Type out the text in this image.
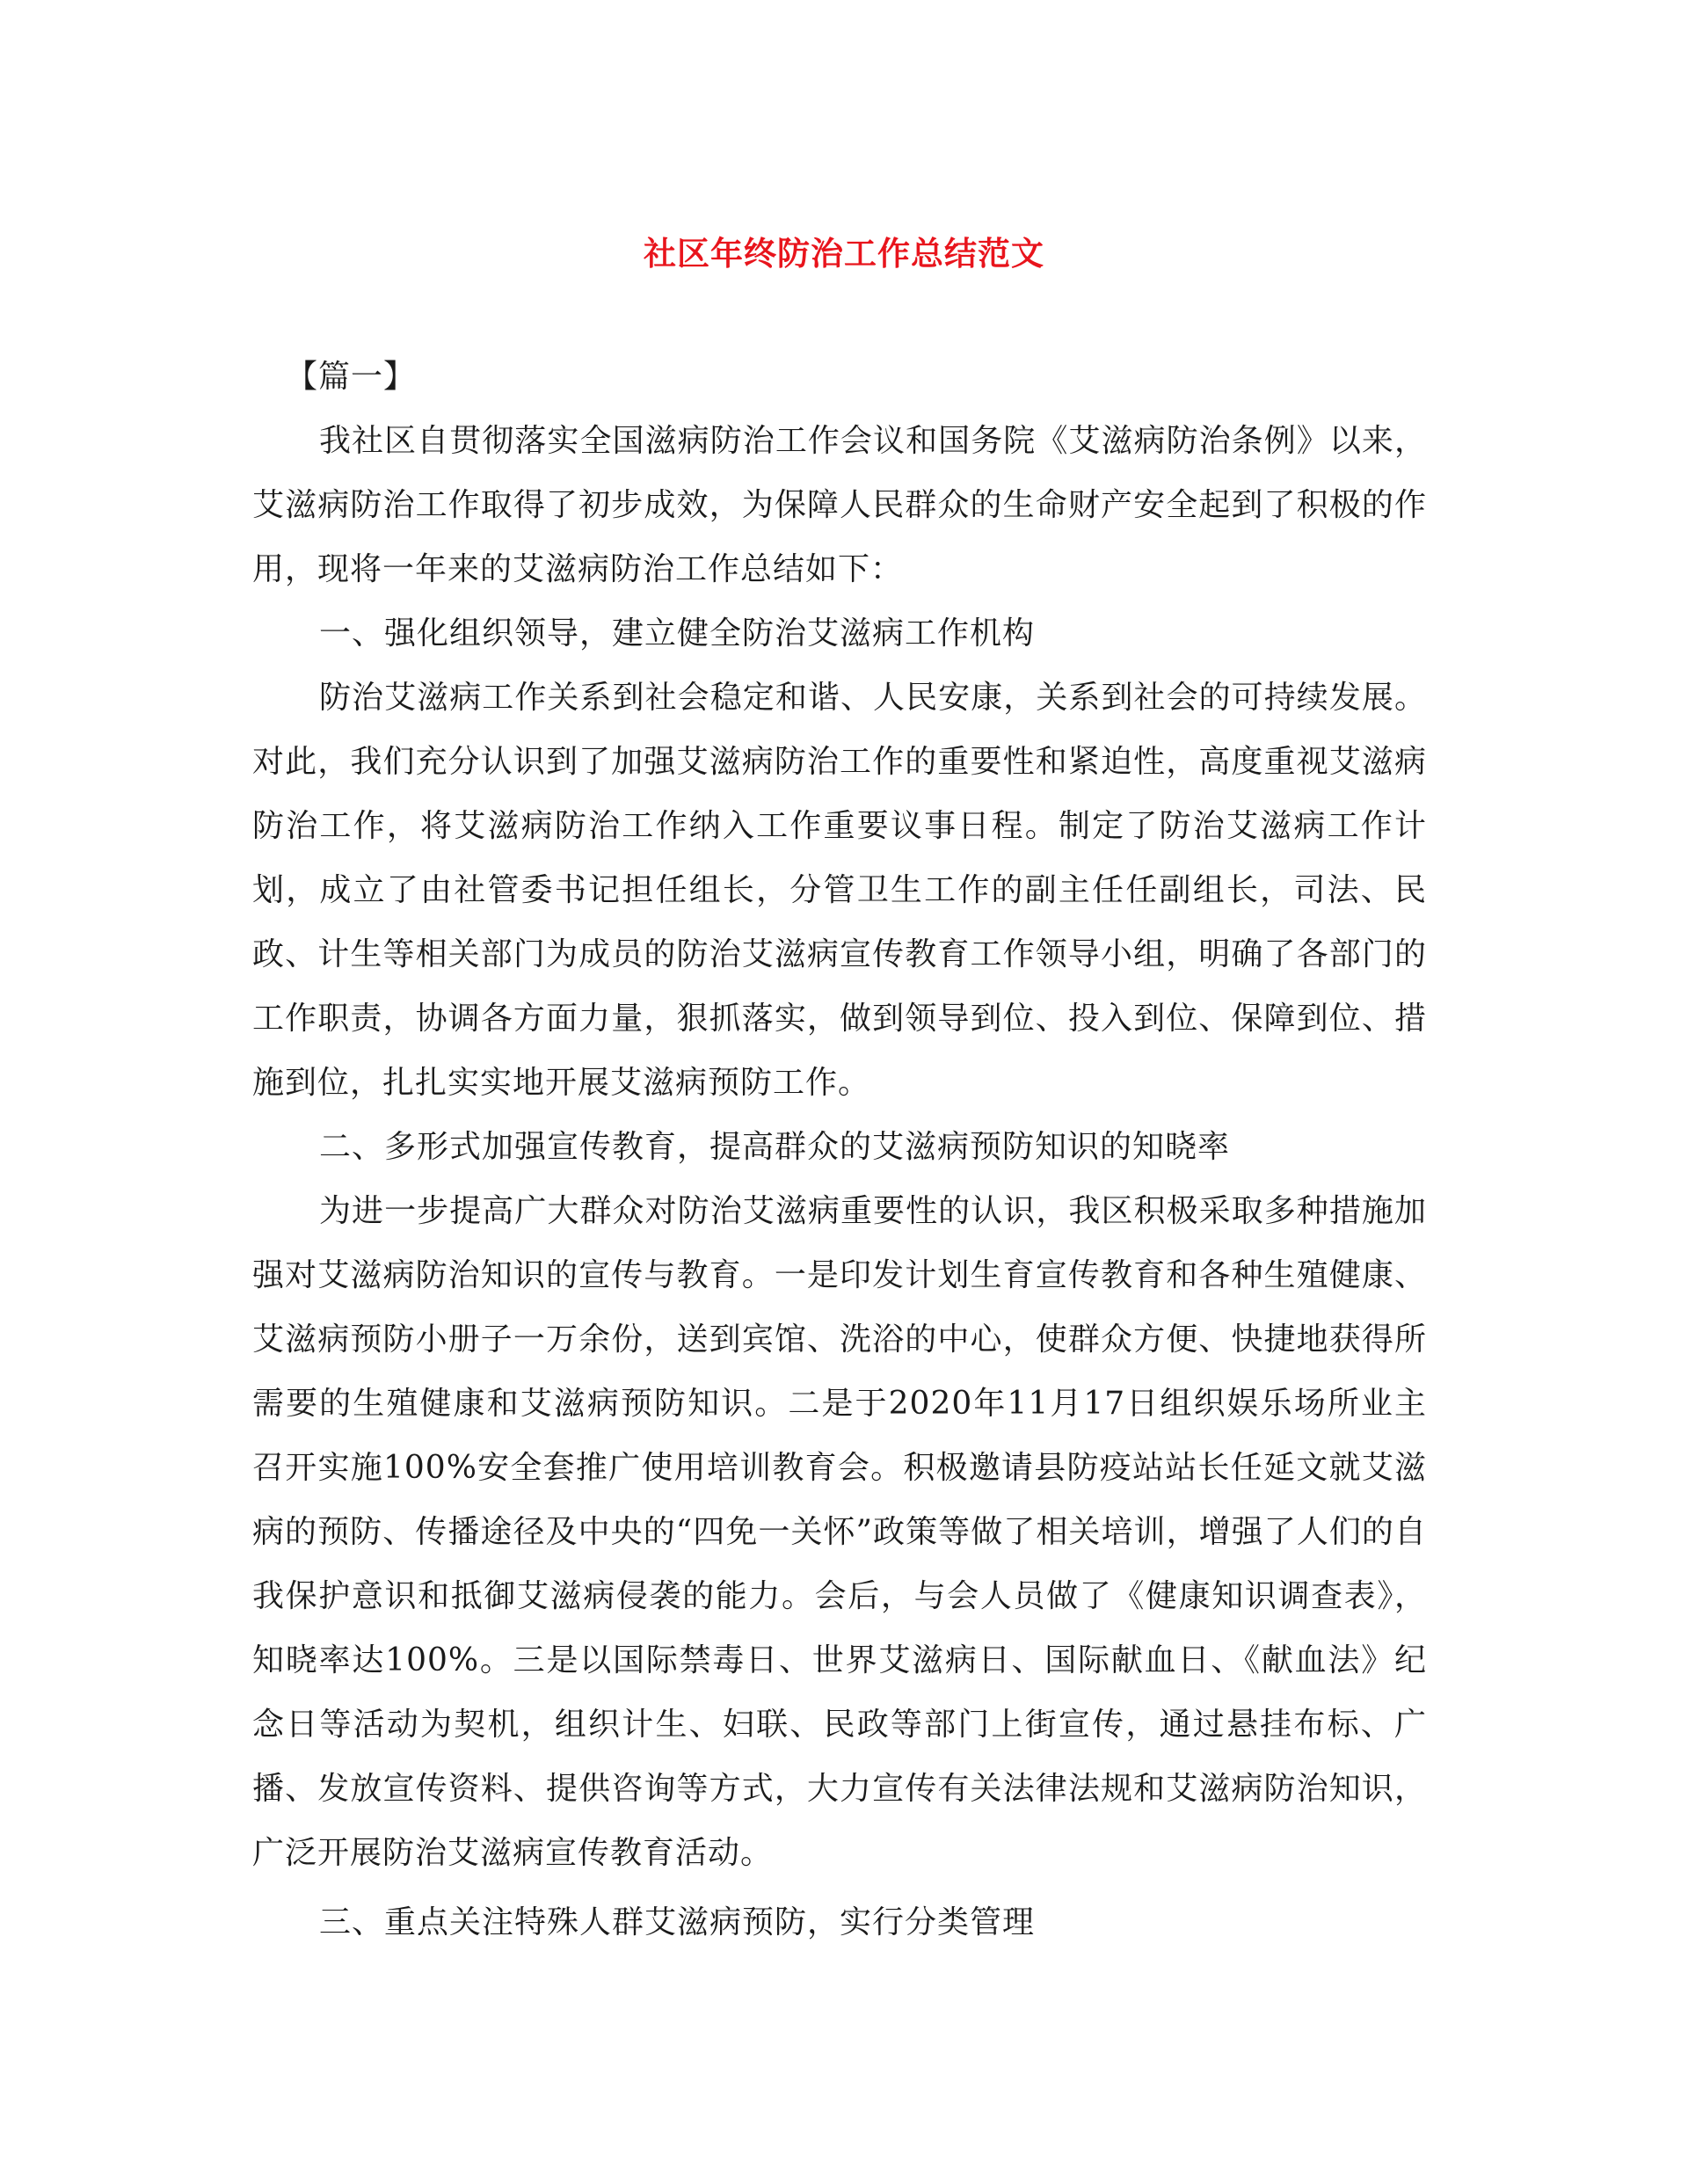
社区年终防治工作总结范文

【篇一】

我社区自贯彻落实全国滋病防治工作会议和国务院《艾滋病防治条例》以来，艾滋病防治工作取得了初步成效，为保障人民群众的生命财产安全起到了积极的作用，现将一年来的艾滋病防治工作总结如下：

一、强化组织领导，建立健全防治艾滋病工作机构

防治艾滋病工作关系到社会稳定和谐、人民安康，关系到社会的可持续发展。对此，我们充分认识到了加强艾滋病防治工作的重要性和紧迫性，高度重视艾滋病防治工作，将艾滋病防治工作纳入工作重要议事日程。制定了防治艾滋病工作计划，成立了由社管委书记担任组长，分管卫生工作的副主任任副组长，司法、民政、计生等相关部门为成员的防治艾滋病宣传教育工作领导小组，明确了各部门的工作职责，协调各方面力量，狠抓落实，做到领导到位、投入到位、保障到位、措施到位，扎扎实实地开展艾滋病预防工作。

二、多形式加强宣传教育，提高群众的艾滋病预防知识的知晓率

为进一步提高广大群众对防治艾滋病重要性的认识，我区积极采取多种措施加强对艾滋病防治知识的宣传与教育。一是印发计划生育宣传教育和各种生殖健康、艾滋病预防小册子一万余份，送到宾馆、洗浴的中心，使群众方便、快捷地获得所需要的生殖健康和艾滋病预防知识。二是于2020年11月17日组织娱乐场所业主召开实施100%安全套推广使用培训教育会。积极邀请县防疫站站长任延文就艾滋病的预防、传播途径及中央的“四免一关怀”政策等做了相关培训，增强了人们的自我保护意识和抵御艾滋病侵袭的能力。会后，与会人员做了《健康知识调查表》，知晓率达100%。三是以国际禁毒日、世界艾滋病日、国际献血日、《献血法》纪念日等活动为契机，组织计生、妇联、民政等部门上街宣传，通过悬挂布标、广播、发放宣传资料、提供咨询等方式，大力宣传有关法律法规和艾滋病防治知识，广泛开展防治艾滋病宣传教育活动。

三、重点关注特殊人群艾滋病预防，实行分类管理
